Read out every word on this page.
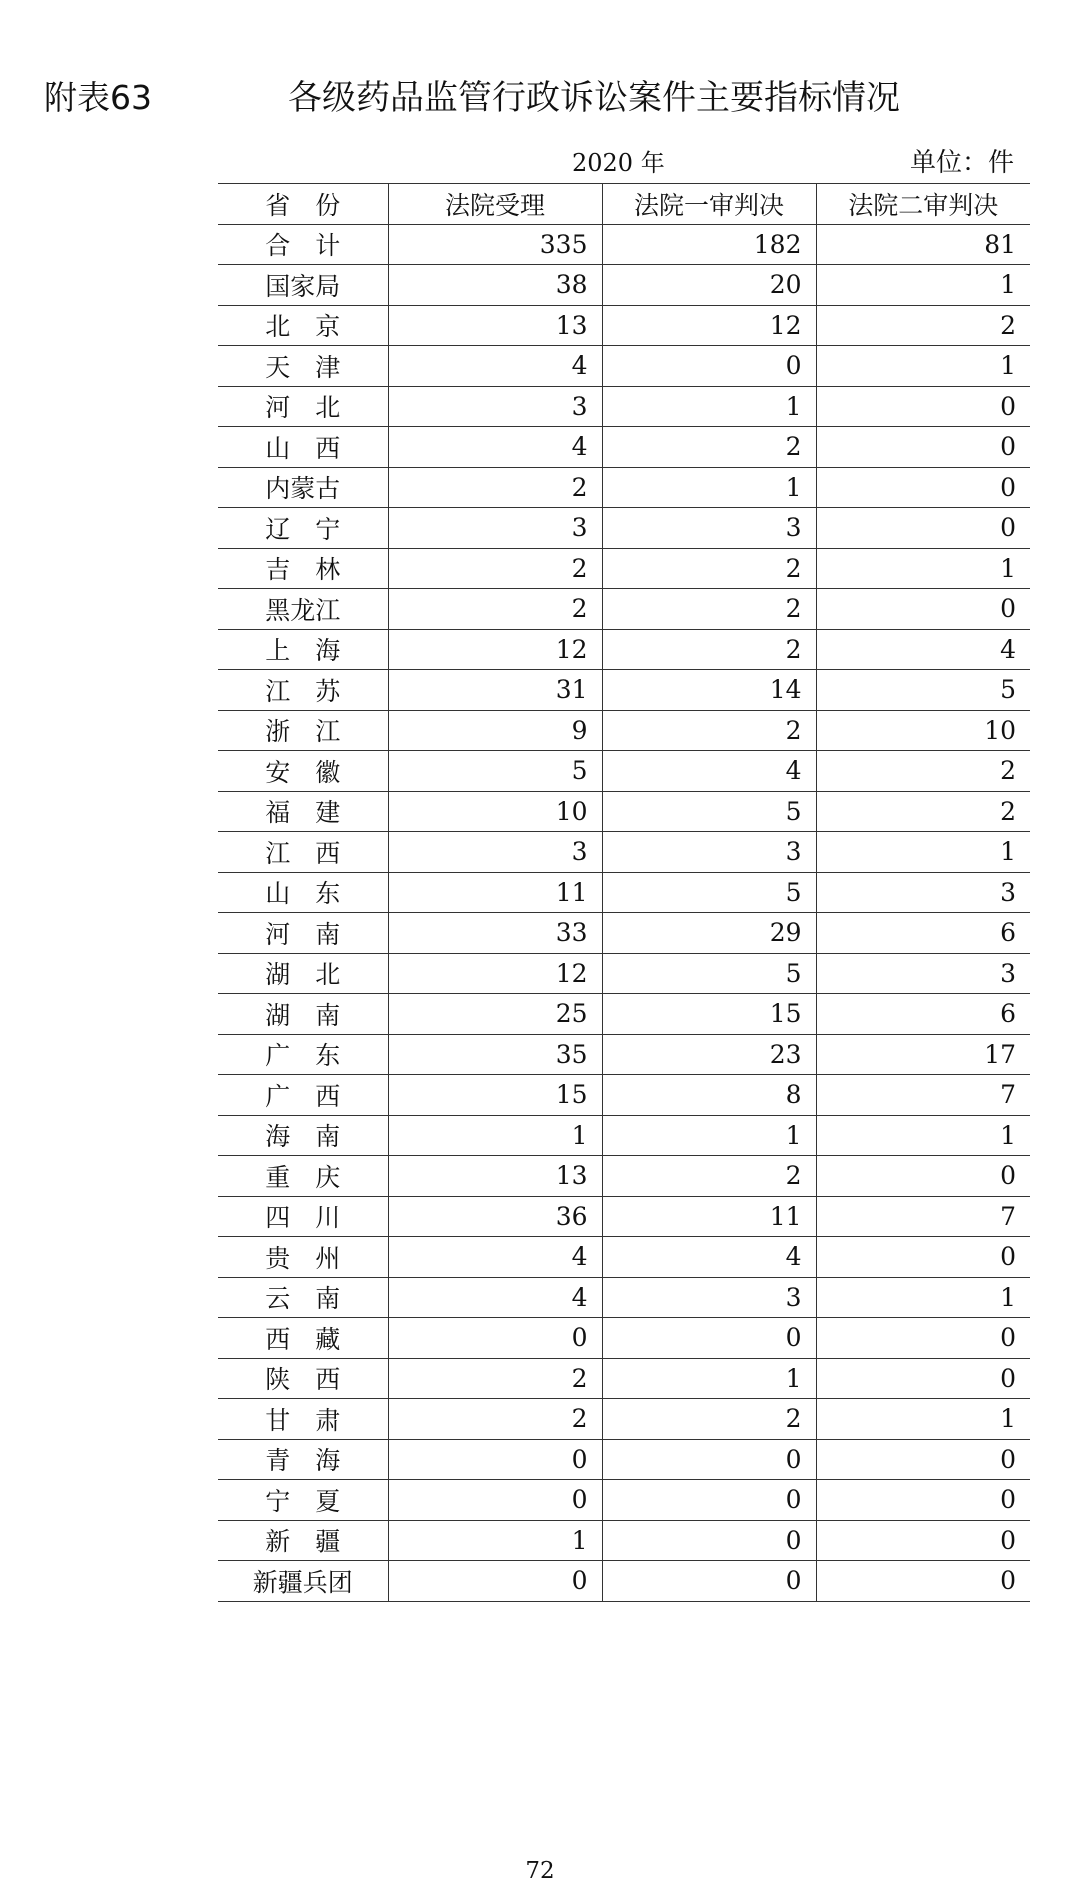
附表63	各级药品监管行政诉讼案件主要指标情况
2020 年	单位：件
省　份	法院受理	法院一审判决	法院二审判决
合　计	335	182	81
国家局	38	20	1
北　京	13	12	2
天　津	4	0	1
河　北	3	1	0
山　西	4	2	0
内蒙古	2	1	0
辽　宁	3	3	0
吉　林	2	2	1
黑龙江	2	2	0
上　海	12	2	4
江　苏	31	14	5
浙　江	9	2	10
安　徽	5	4	2
福　建	10	5	2
江　西	3	3	1
山　东	11	5	3
河　南	33	29	6
湖　北	12	5	3
湖　南	25	15	6
广　东	35	23	17
广　西	15	8	7
海　南	1	1	1
重　庆	13	2	0
四　川	36	11	7
贵　州	4	4	0
云　南	4	3	1
西　藏	0	0	0
陕　西	2	1	0
甘　肃	2	2	1
青　海	0	0	0
宁　夏	0	0	0
新　疆	1	0	0
新疆兵团	0	0	0
72
